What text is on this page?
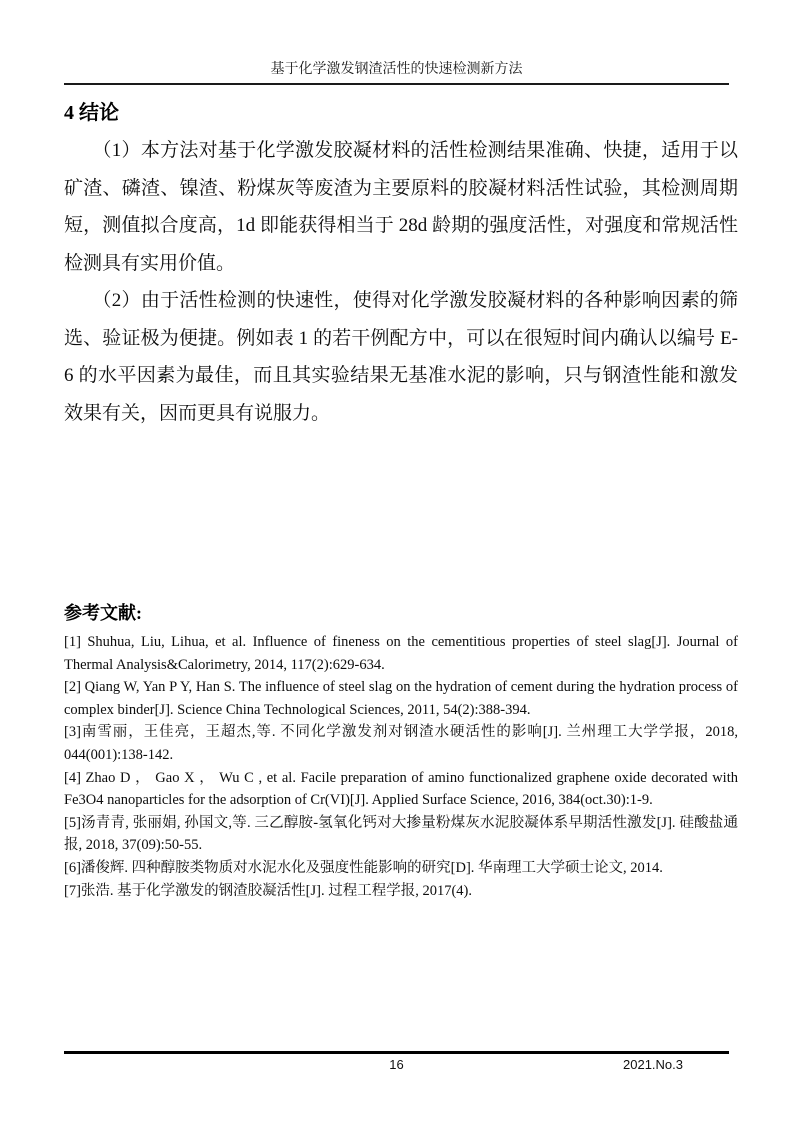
基于化学激发钢渣活性的快速检测新方法
4 结论

（1）本方法对基于化学激发胶凝材料的活性检测结果准确、快捷，适用于以矿渣、磷渣、镍渣、粉煤灰等废渣为主要原料的胶凝材料活性试验，其检测周期短，测值拟合度高，1d 即能获得相当于 28d 龄期的强度活性，对强度和常规活性检测具有实用价值。

（2）由于活性检测的快速性，使得对化学激发胶凝材料的各种影响因素的筛选、验证极为便捷。例如表 1 的若干例配方中，可以在很短时间内确认以编号 E-6 的水平因素为最佳，而且其实验结果无基准水泥的影响，只与钢渣性能和激发效果有关，因而更具有说服力。

参考文献:
[1] Shuhua, Liu, Lihua, et al. Influence of fineness on the cementitious properties of steel slag[J]. Journal of Thermal Analysis&Calorimetry, 2014, 117(2):629-634.
[2] Qiang W, Yan P Y, Han S. The influence of steel slag on the hydration of cement during the hydration process of complex binder[J]. Science China Technological Sciences, 2011, 54(2):388-394.
[3]南雪丽，王佳亮，王超杰,等. 不同化学激发剂对钢渣水硬活性的影响[J]. 兰州理工大学学报，2018, 044(001):138-142.
[4] Zhao D ， Gao X ， Wu C , et al. Facile preparation of amino functionalized graphene oxide decorated with Fe3O4 nanoparticles for the adsorption of Cr(VI)[J]. Applied Surface Science, 2016, 384(oct.30):1-9.
[5]汤青青, 张丽娟, 孙国文,等. 三乙醇胺-氢氧化钙对大掺量粉煤灰水泥胶凝体系早期活性激发[J]. 硅酸盐通报, 2018, 37(09):50-55.
[6]潘俊辉. 四种醇胺类物质对水泥水化及强度性能影响的研究[D]. 华南理工大学硕士论文, 2014.
[7]张浩. 基于化学激发的钢渣胶凝活性[J]. 过程工程学报, 2017(4).
16	2021.No.3
